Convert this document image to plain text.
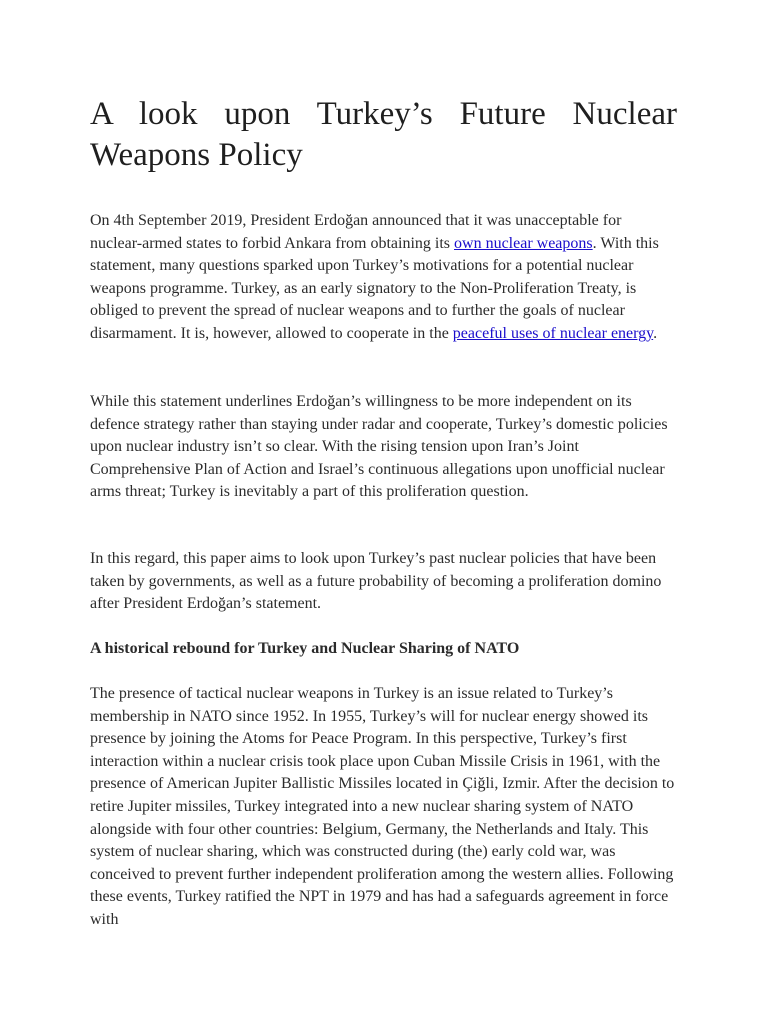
A look upon Turkey’s Future Nuclear
Weapons Policy

On 4th September 2019, President Erdoğan announced that it was unacceptable for nuclear-armed states to forbid Ankara from obtaining its own nuclear weapons. With this statement, many questions sparked upon Turkey’s motivations for a potential nuclear weapons programme. Turkey, as an early signatory to the Non-Proliferation Treaty, is obliged to prevent the spread of nuclear weapons and to further the goals of nuclear disarmament. It is, however, allowed to cooperate in the peaceful uses of nuclear energy.

While this statement underlines Erdoğan’s willingness to be more independent on its defence strategy rather than staying under radar and cooperate, Turkey’s domestic policies upon nuclear industry isn’t so clear. With the rising tension upon Iran’s Joint Comprehensive Plan of Action and Israel’s continuous allegations upon unofficial nuclear arms threat; Turkey is inevitably a part of this proliferation question.

In this regard, this paper aims to look upon Turkey’s past nuclear policies that have been taken by governments, as well as a future probability of becoming a proliferation domino after President Erdoğan’s statement.

A historical rebound for Turkey and Nuclear Sharing of NATO

The presence of tactical nuclear weapons in Turkey is an issue related to Turkey’s membership in NATO since 1952. In 1955, Turkey’s will for nuclear energy showed its presence by joining the Atoms for Peace Program. In this perspective, Turkey’s first interaction within a nuclear crisis took place upon Cuban Missile Crisis in 1961, with the presence of American Jupiter Ballistic Missiles located in Çiğli, Izmir. After the decision to retire Jupiter missiles, Turkey integrated into a new nuclear sharing system of NATO alongside with four other countries: Belgium, Germany, the Netherlands and Italy. This system of nuclear sharing, which was constructed during (the) early cold war, was conceived to prevent further independent proliferation among the western allies. Following these events, Turkey ratified the NPT in 1979 and has had a safeguards agreement in force with
